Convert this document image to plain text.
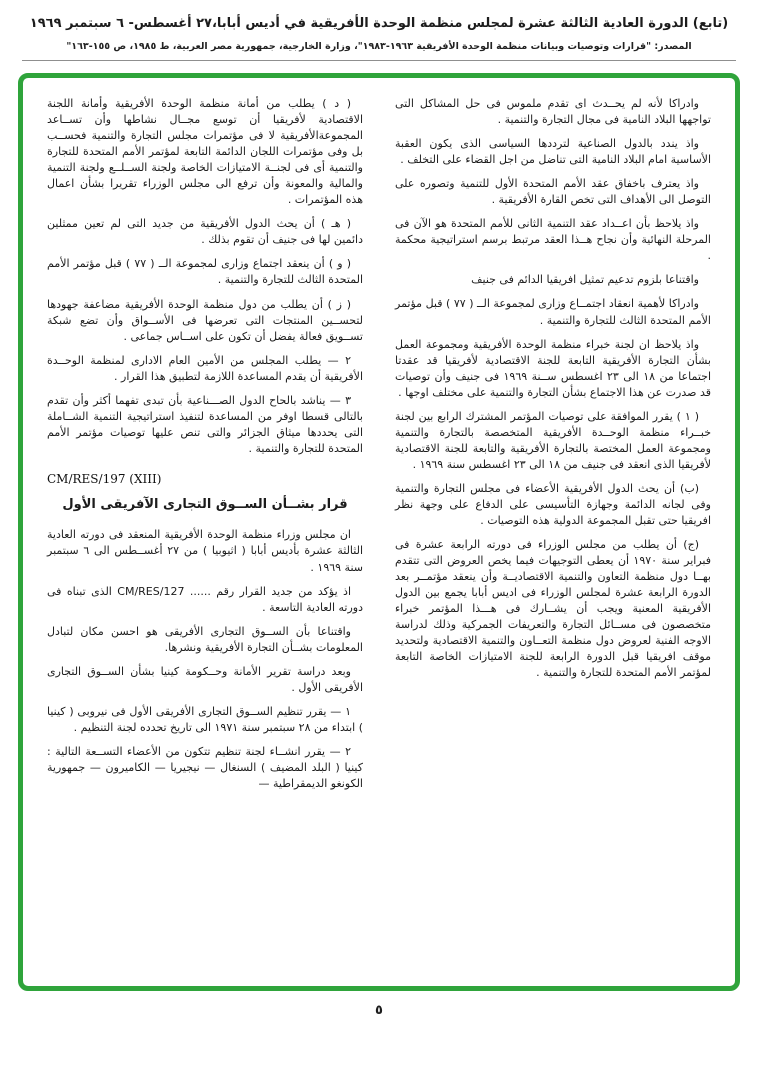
(تابع) الدورة العادية الثالثة عشرة لمجلس منظمة الوحدة الأفريقية في أديس أبابا،٢٧ أغسطس- ٦ سبتمبر ١٩٦٩
المصدر: "قرارات وتوصيات وبيانات منظمة الوحدة الأفريقية ١٩٦٣-١٩٨٣"، وزارة الخارجية، جمهورية مصر العربية، ط ١٩٨٥، ص ١٥٥-١٦٣"

وادراكا لأنه لم يحــدث اى تقدم ملموس فى حل المشاكل التى تواجهها البلاد النامية فى مجال التجارة والتنمية .

واذ يندد بالدول الصناعية لترددها السياسى الذى يكون العقبة الأساسية امام البلاد النامية التى تناضل من اجل القضاء على التخلف .

واذ يعترف باخفاق عقد الأمم المتحدة الأول للتنمية وتصوره على التوصل الى الأهداف التى تخص القارة الأفريقية .

واذ يلاحظ بأن اعــداد عقد التنمية الثانى للأمم المتحدة هو الآن فى المرحلة النهائية وأن نجاح هــذا العقد مرتبط برسم استراتيجية محكمة .

واقتناعا بلزوم تدعيم تمثيل افريقيا الدائم فى جنيف

وادراكا لأهمية انعقاد اجتمــاع وزارى لمجموعة الــ ( ٧٧ ) قبل مؤتمر الأمم المتحدة الثالث للتجارة والتنمية .

واذ يلاحظ ان لجنة خبراء منظمة الوحدة الأفريقية ومجموعة العمل بشأن التجارة الأفريقية التابعة للجنة الاقتصادية لأفريقيا قد عقدتا اجتماعا من ١٨ الى ٢٣ اغسطس ســنة ١٩٦٩ فى جنيف وأن توصيات قد صدرت عن هذا الاجتماع بشأن التجارة والتنمية على مختلف اوجها .

( ١ ) يقرر الموافقة على توصيات المؤتمر المشترك الرابع بين لجنة خبــراء منظمة الوحــدة الأفريقية المتخصصة بالتجارة والتنمية ومجموعة العمل المختصة بالتجارة الأفريقية والتابعة للجنة الاقتصادية لأفريقيا الذى انعقد فى جنيف من ١٨ الى ٢٣ اغسطس سنة ١٩٦٩ .

(ب) أن يحث الدول الأفريقية الأعضاء فى مجلس التجارة والتنمية وفى لجانه الدائمة وجهازة التأسيسى على الدفاع على وجهة نظر افريقيا حتى تقبل المجموعة الدولية هذه التوصيات .

(ج) أن يطلب من مجلس الوزراء فى دورته الرابعة عشرة فى فبراير سنة ١٩٧٠ أن يعطى التوجيهات فيما يخص العروض التى تتقدم بهــا دول منظمة التعاون والتنمية الاقتصاديــة وأن ينعقد مؤتمــر بعد الدورة الرابعة عشرة لمجلس الوزراء فى اديس أبابا يجمع بين الدول الأفريقية المعنية ويجب أن يشــارك فى هـــذا المؤتمر خبراء متخصصون فى مســائل التجارة والتعريفات الجمركية وذلك لدراسة الاوجه الفنية لعروض دول منظمة التعــاون والتنمية الاقتصادية ولتحديد موقف افريقيا قبل الدورة الرابعة للجنة الامتيازات الخاصة التابعة لمؤتمر الأمم المتحدة للتجارة والتنمية .

( د ) يطلب من أمانة منظمة الوحدة الأفريقية وأمانة اللجنة الاقتصادية لأفريقيا أن توسع مجــال نشاطها وأن تســاعد المجموعةالأفريقية لا فى مؤتمرات مجلس التجارة والتنمية فحســب بل وفى مؤتمرات اللجان الدائمة التابعة لمؤتمر الأمم المتحدة للتجارة والتنمية أى فى لجنــة الامتيازات الخاصة ولجنة الســلــع ولجنة التنمية والمالية والمعونة وأن ترفع الى مجلس الوزراء تقريرا بشأن اعمال هذه المؤتمرات .

( هـ ) أن يحث الدول الأفريقية من جديد التى لم تعين ممثلين دائمين لها فى جنيف أن تقوم بذلك .

( و ) أن ينعقد اجتماع وزارى لمجموعة الــ ( ٧٧ ) قبل مؤتمر الأمم المتحدة الثالث للتجارة والتنمية .

( ز ) أن يطلب من دول منظمة الوحدة الأفريقية مضاعفة جهودها لتحســين المنتجات التى تعرضها فى الأســواق وأن تضع شبكة تســويق فعالة يفضل أن تكون على اســاس جماعى .

٢ — يطلب المجلس من الأمين العام الادارى لمنظمة الوحــدة الأفريقية أن يقدم المساعدة اللازمة لتطبيق هذا القرار .

٣ — يناشد بالحاح الدول الصـــناعية بأن تبدى تفهما أكثر وأن تقدم بالتالى قسطا اوفر من المساعدة لتنفيذ استراتيجية التنمية الشــاملة التى يحددها ميثاق الجزائر والتى تنص عليها توصيات مؤتمر الأمم المتحدة للتجارة والتنمية .

CM/RES/197 (XIII)

قرار بشــأن الســوق التجارى الآفريقى الأول

ان مجلس وزراء منظمة الوحدة الأفريقية المنعقد فى دورته العادية الثالثة عشرة بأديس أبابا ( اثيوبيا ) من ٢٧ أغســطس الى ٦ سبتمبر سنة ١٩٦٩ .

اذ يؤكد من جديد القرار رقم ...... CM/RES/127 الذى تبناه فى دورته العادية التاسعة .

واقتناعا بأن الســوق التجارى الأفريقى هو احسن مكان لتبادل المعلومات بشــأن التجارة الأفريقية ونشرها.

وبعد دراسة تقرير الأمانة وحــكومة كينيا بشأن الســوق التجارى الأفريقى الأول .

١ — يقرر تنظيم الســوق التجارى الأفريقى الأول فى نيروبى ( كينيا ) ابتداء من ٢٨ سبتمبر سنة ١٩٧١ الى تاريخ تحدده لجنة التنظيم .

٢ — يقرر انشــاء لجنة تنظيم تتكون من الأعضاء التســعة التالية : كينيا ( البلد المضيف ) السنغال — نيجيريا — الكاميرون — جمهورية الكونغو الديمقراطية —

٥
